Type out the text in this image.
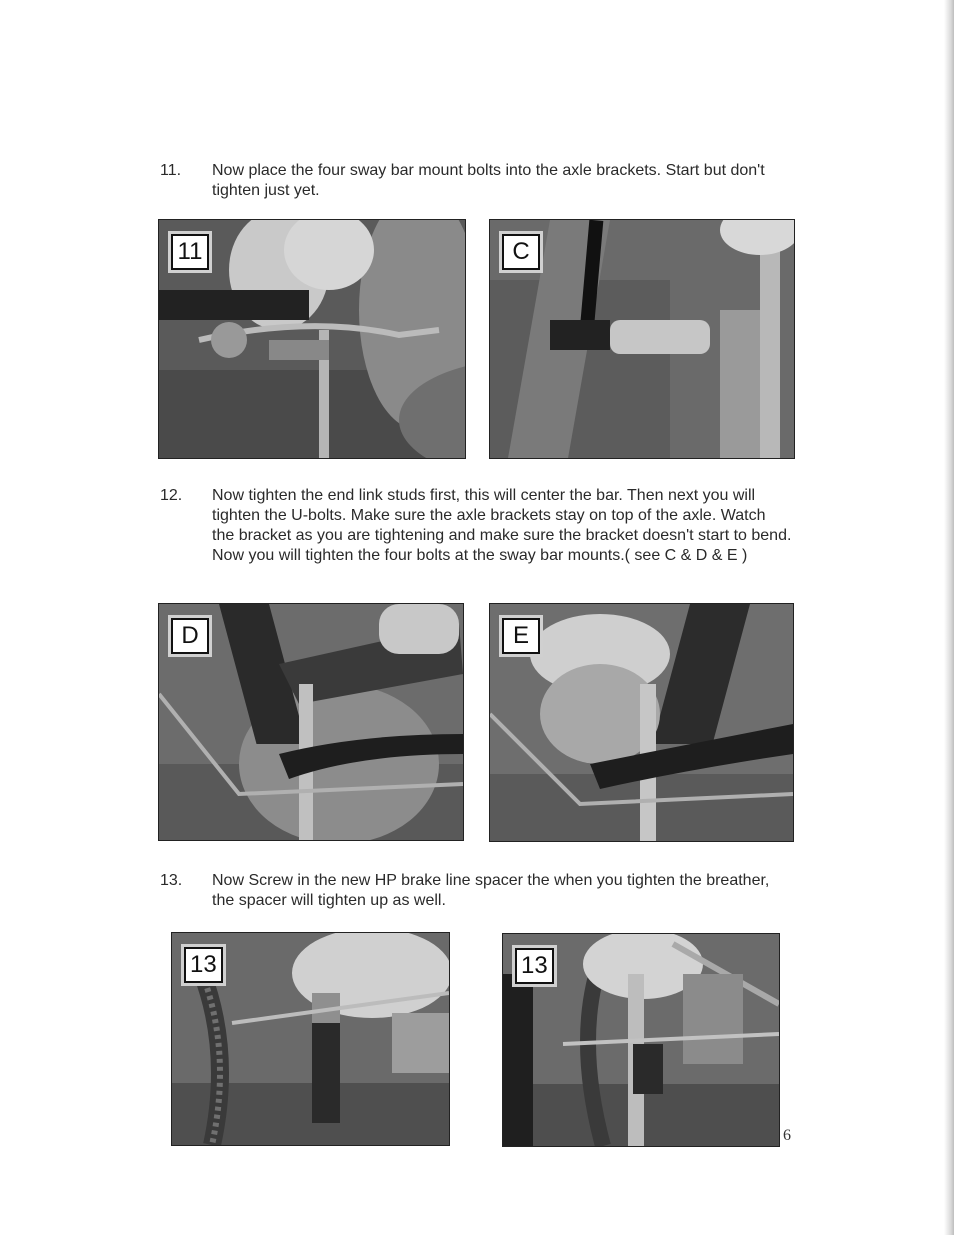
11.	Now place the four sway bar mount bolts into the axle brackets. Start but don't tighten just yet.
11	C
12.	Now tighten the end link studs first, this will center the bar. Then next you will tighten the U-bolts. Make sure the axle brackets stay on top of the axle. Watch the bracket as you are tightening and make sure the bracket doesn't start to bend. Now you will tighten the four bolts at the sway bar mounts.( see C & D & E )
D	E
13.	Now Screw in the new HP brake line spacer the when you tighten the breather, the spacer will tighten up as well.
13	13
6
